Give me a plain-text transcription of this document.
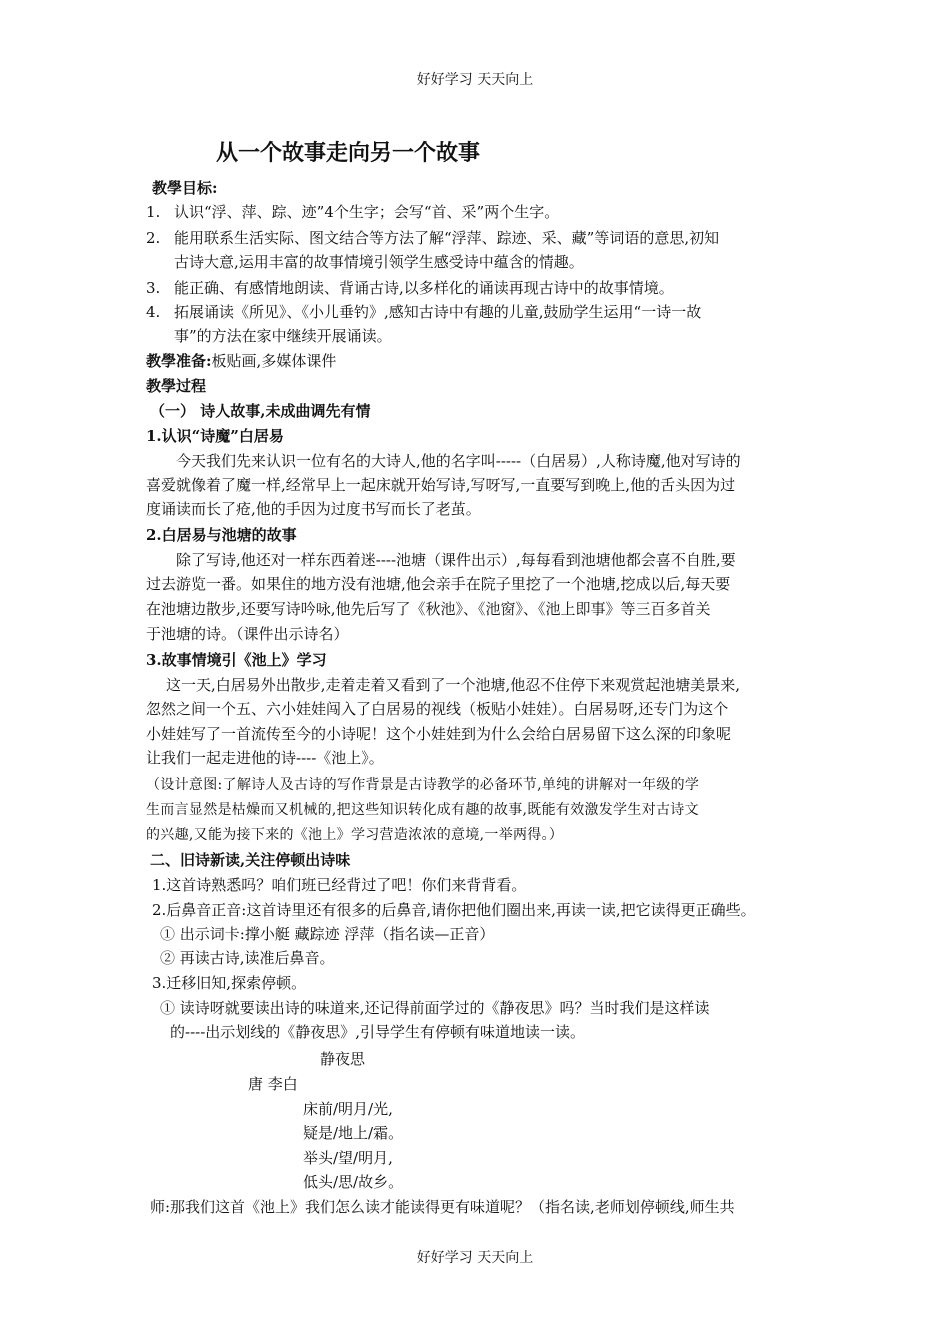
好好学习 天天向上
从一个故事走向另一个故事
教學目标:
1. 认识“浮、萍、踪、迹”4个生字；会写“首、采”两个生字。
2. 能用联系生活实际、图文结合等方法了解“浮萍、踪迹、采、藏”等词语的意思,初知
古诗大意,运用丰富的故事情境引领学生感受诗中蕴含的情趣。
3. 能正确、有感情地朗读、背诵古诗,以多样化的诵读再现古诗中的故事情境。
4. 拓展诵读《所见》、《小儿垂钓》,感知古诗中有趣的儿童,鼓励学生运用“一诗一故
事”的方法在家中继续开展诵读。
教學准备:板贴画,多媒体课件
教學过程
（一） 诗人故事,未成曲调先有情
1.认识“诗魔”白居易
今天我们先来认识一位有名的大诗人,他的名字叫-----（白居易）,人称诗魔,他对写诗的
喜爱就像着了魔一样,经常早上一起床就开始写诗,写呀写,一直要写到晚上,他的舌头因为过
度诵读而长了疮,他的手因为过度书写而长了老茧。
2.白居易与池塘的故事
除了写诗,他还对一样东西着迷----池塘（课件出示）,每每看到池塘他都会喜不自胜,要
过去游览一番。如果住的地方没有池塘,他会亲手在院子里挖了一个池塘,挖成以后,每天要
在池塘边散步,还要写诗吟咏,他先后写了《秋池》、《池窗》、《池上即事》等三百多首关
于池塘的诗。（课件出示诗名）
3.故事情境引《池上》学习
这一天,白居易外出散步,走着走着又看到了一个池塘,他忍不住停下来观赏起池塘美景来,
忽然之间一个五、六小娃娃闯入了白居易的视线（板贴小娃娃）。白居易呀,还专门为这个
小娃娃写了一首流传至今的小诗呢！这个小娃娃到为什么会给白居易留下这么深的印象呢
让我们一起走进他的诗----《池上》。
（设计意图:了解诗人及古诗的写作背景是古诗教学的必备环节,单纯的讲解对一年级的学
生而言显然是枯燥而又机械的,把这些知识转化成有趣的故事,既能有效激发学生对古诗文
的兴趣,又能为接下来的《池上》学习营造浓浓的意境,一举两得。）
二、旧诗新读,关注停顿出诗味
1.这首诗熟悉吗？咱们班已经背过了吧！你们来背背看。
2.后鼻音正音:这首诗里还有很多的后鼻音,请你把他们圈出来,再读一读,把它读得更正确些。
① 出示词卡:撑小艇 藏踪迹 浮萍（指名读—正音）
② 再读古诗,读准后鼻音。
3.迁移旧知,探索停顿。
① 读诗呀就要读出诗的味道来,还记得前面学过的《静夜思》吗？当时我们是这样读
的----出示划线的《静夜思》,引导学生有停顿有味道地读一读。
静夜思
唐 李白
床前/明月/光,
疑是/地上/霜。
举头/望/明月,
低头/思/故乡。
师:那我们这首《池上》我们怎么读才能读得更有味道呢？（指名读,老师划停顿线,师生共
好好学习 天天向上
